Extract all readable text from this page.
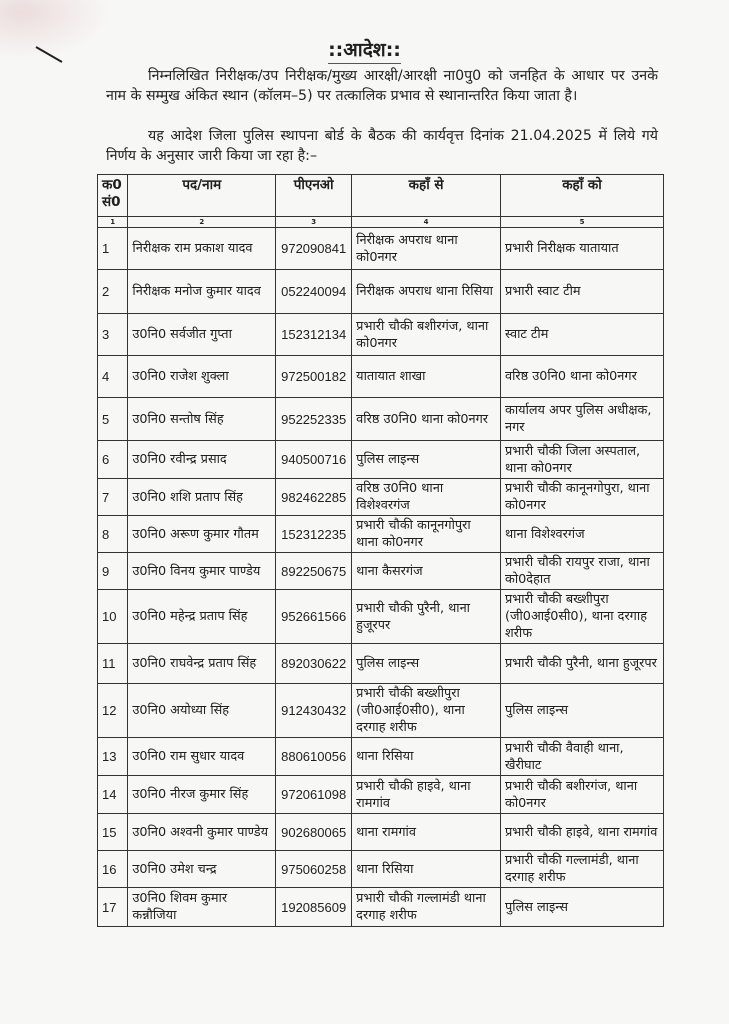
::आदेश::
निम्नलिखित निरीक्षक/उप निरीक्षक/मुख्य आरक्षी/आरक्षी ना0पु0 को जनहित के आधार पर उनके नाम के सम्मुख अंकित स्थान (कॉलम–5) पर तत्कालिक प्रभाव से स्थानान्तरित किया जाता है।
यह आदेश जिला पुलिस स्थापना बोर्ड के बैठक की कार्यवृत्त दिनांक 21.04.2025 में लिये गये निर्णय के अनुसार जारी किया जा रहा है:–
क0 सं0	पद/नाम	पीएनओ	कहाँ से	कहाँ को
1	2	3	4	5
1	निरीक्षक राम प्रकाश यादव	972090841	निरीक्षक अपराध थाना को0नगर	प्रभारी निरीक्षक यातायात
2	निरीक्षक मनोज कुमार यादव	052240094	निरीक्षक अपराध थाना रिसिया	प्रभारी स्वाट टीम
3	उ0नि0 सर्वजीत गुप्ता	152312134	प्रभारी चौकी बशीरगंज, थाना को0नगर	स्वाट टीम
4	उ0नि0 राजेश शुक्ला	972500182	यातायात शाखा	वरिष्ठ उ0नि0 थाना को0नगर
5	उ0नि0 सन्तोष सिंह	952252335	वरिष्ठ उ0नि0 थाना को0नगर	कार्यालय अपर पुलिस अधीक्षक, नगर
6	उ0नि0 रवीन्द्र प्रसाद	940500716	पुलिस लाइन्स	प्रभारी चौकी जिला अस्पताल, थाना को0नगर
7	उ0नि0 शशि प्रताप सिंह	982462285	वरिष्ठ उ0नि0 थाना विशेश्वरगंज	प्रभारी चौकी कानूनगोपुरा, थाना को0नगर
8	उ0नि0 अरूण कुमार गौतम	152312235	प्रभारी चौकी कानूनगोपुरा थाना को0नगर	थाना विशेश्वरगंज
9	उ0नि0 विनय कुमार पाण्डेय	892250675	थाना कैसरगंज	प्रभारी चौकी रायपुर राजा, थाना को0देहात
10	उ0नि0 महेन्द्र प्रताप सिंह	952661566	प्रभारी चौकी पुरैनी, थाना हुजूरपर	प्रभारी चौकी बख्शीपुरा (जी0आई0सी0), थाना दरगाह शरीफ
11	उ0नि0 राघवेन्द्र प्रताप सिंह	892030622	पुलिस लाइन्स	प्रभारी चौकी पुरैनी, थाना हुजूरपर
12	उ0नि0 अयोध्या सिंह	912430432	प्रभारी चौकी बख्शीपुरा (जी0आई0सी0), थाना दरगाह शरीफ	पुलिस लाइन्स
13	उ0नि0 राम सुधार यादव	880610056	थाना रिसिया	प्रभारी चौकी वैवाही थाना, खैरीघाट
14	उ0नि0 नीरज कुमार सिंह	972061098	प्रभारी चौकी हाइवे, थाना रामगांव	प्रभारी चौकी बशीरगंज, थाना को0नगर
15	उ0नि0 अश्वनी कुमार पाण्डेय	902680065	थाना रामगांव	प्रभारी चौकी हाइवे, थाना रामगांव
16	उ0नि0 उमेश चन्द्र	975060258	थाना रिसिया	प्रभारी चौकी गल्लामंडी, थाना दरगाह शरीफ
17	उ0नि0 शिवम कुमार कन्नौजिया	192085609	प्रभारी चौकी गल्लामंडी थाना दरगाह शरीफ	पुलिस लाइन्स
